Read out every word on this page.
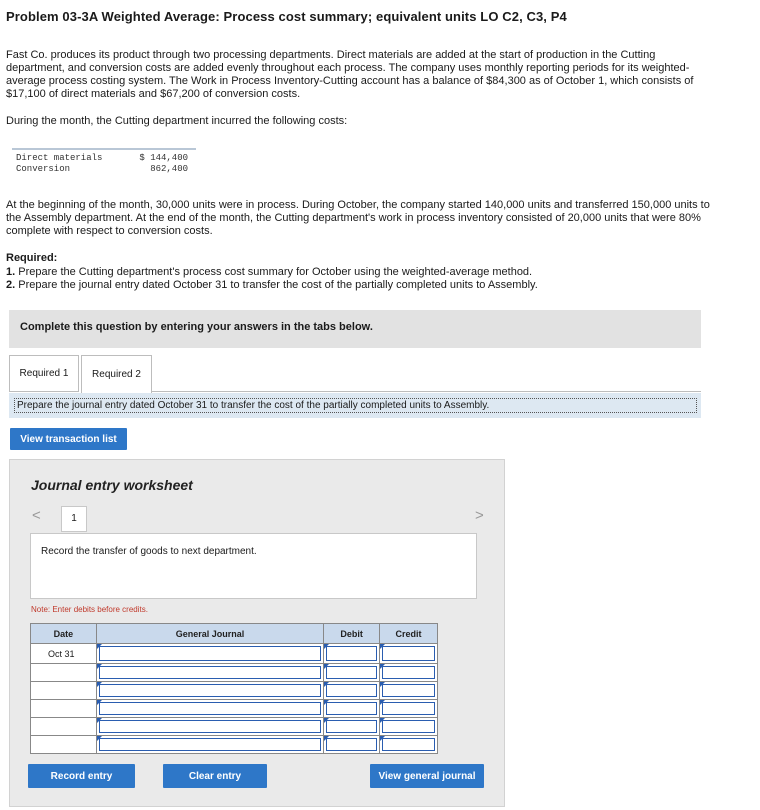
Problem 03-3A Weighted Average: Process cost summary; equivalent units LO C2, C3, P4
Fast Co. produces its product through two processing departments. Direct materials are added at the start of production in the Cutting department, and conversion costs are added evenly throughout each process. The company uses monthly reporting periods for its weighted-average process costing system. The Work in Process Inventory-Cutting account has a balance of $84,300 as of October 1, which consists of $17,100 of direct materials and $67,200 of conversion costs.
During the month, the Cutting department incurred the following costs:
Direct materials	$ 144,400
Conversion	862,400
At the beginning of the month, 30,000 units were in process. During October, the company started 140,000 units and transferred 150,000 units to the Assembly department. At the end of the month, the Cutting department's work in process inventory consisted of 20,000 units that were 80% complete with respect to conversion costs.
Required:
1. Prepare the Cutting department's process cost summary for October using the weighted-average method.
2. Prepare the journal entry dated October 31 to transfer the cost of the partially completed units to Assembly.
Complete this question by entering your answers in the tabs below.
Required 1	Required 2
Prepare the journal entry dated October 31 to transfer the cost of the partially completed units to Assembly.
View transaction list
Journal entry worksheet
<	1	>
Record the transfer of goods to next department.
Note: Enter debits before credits.
Date	General Journal	Debit	Credit
Oct 31	

Record entry	Clear entry	View general journal
